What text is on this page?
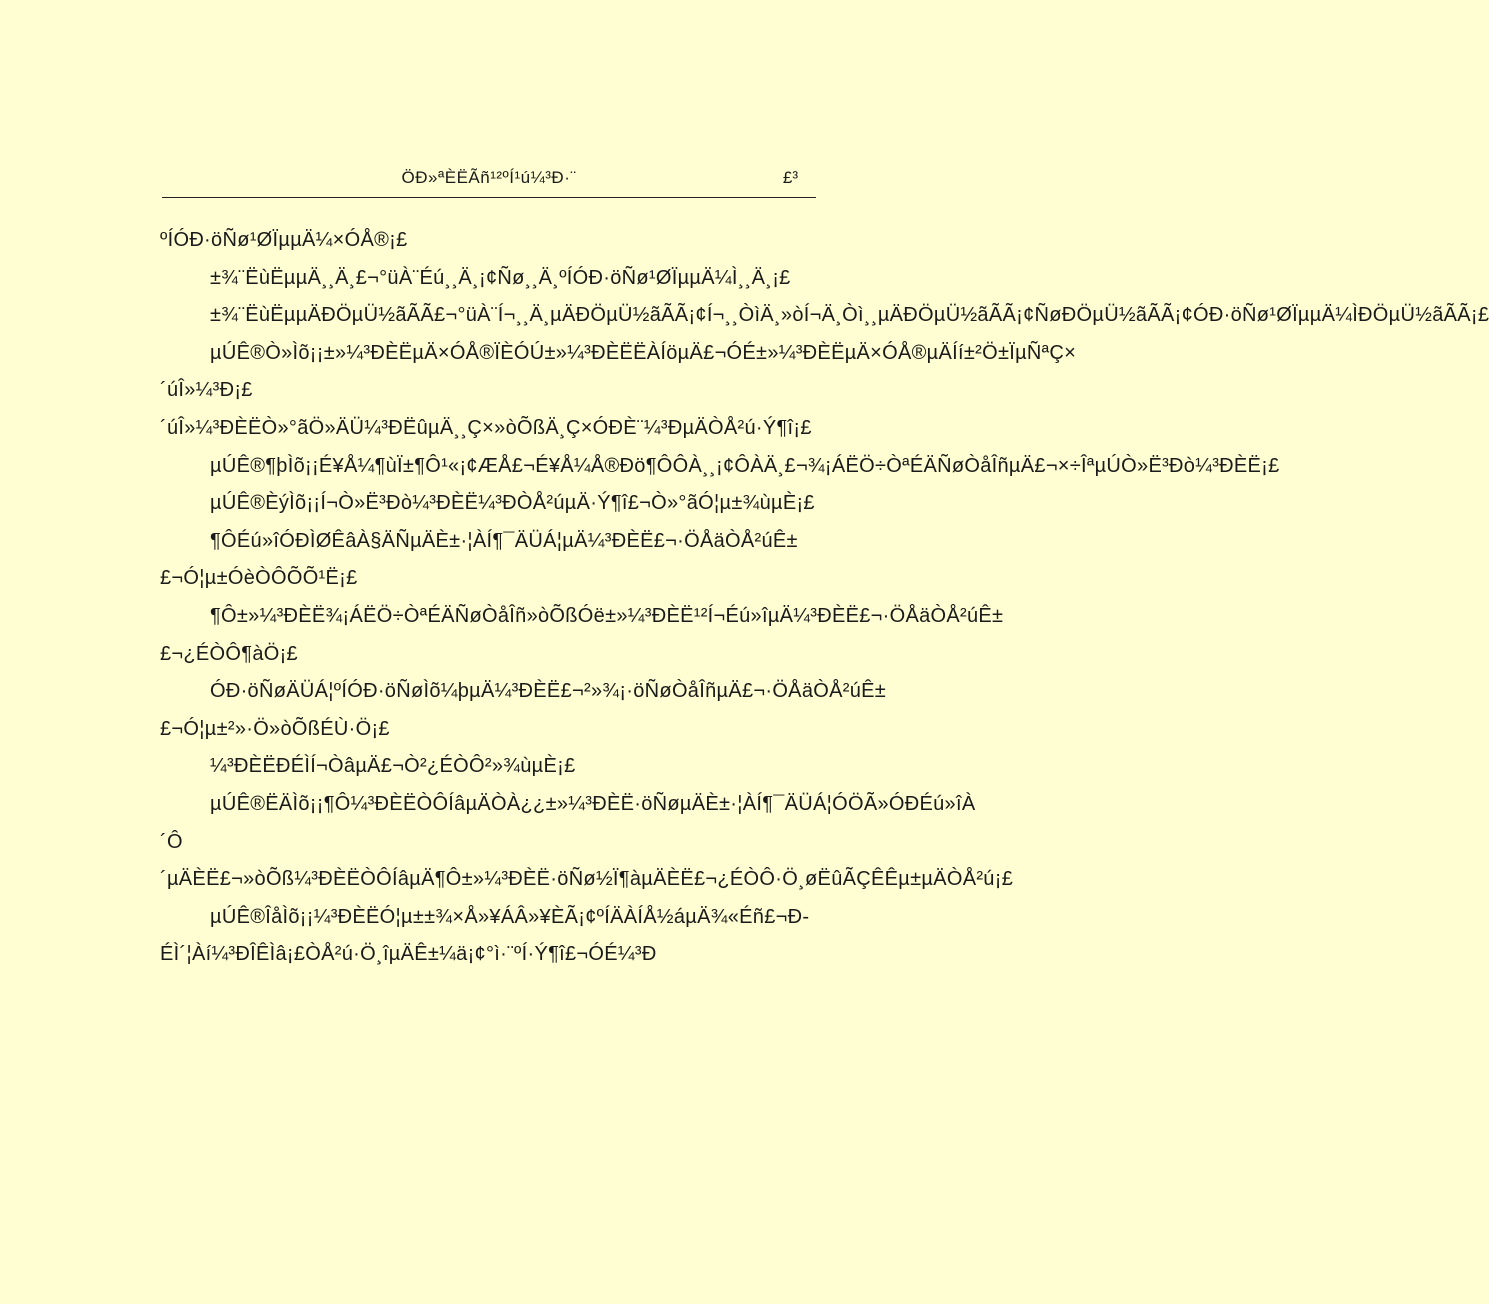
ÖÐ»ªÈËÃñ¹²ºÍ¹ú¼³Ð·¨	£³

ºÍÓÐ·öÑø¹ØÏµµÄ¼×ÓÅ®¡£

±¾¨ËùËµµÄ¸¸Ä¸£¬°üÀ¨Éú¸¸Ä¸¡¢Ñø¸¸Ä¸ºÍÓÐ·öÑø¹ØÏµµÄ¼Ì¸¸Ä¸¡£

±¾¨ËùËµµÄÐÖµÜ½ãÃÃ£¬°üÀ¨Í¬¸¸Ä¸µÄÐÖµÜ½ãÃÃ¡¢Í¬¸¸ÒìÄ¸»òÍ¬Ä¸Òì¸¸µÄÐÖµÜ½ãÃÃ¡¢ÑøÐÖµÜ½ãÃÃ¡¢ÓÐ·öÑø¹ØÏµµÄ¼ÌÐÖµÜ½ãÃÃ¡£

µÚÊ®Ò»Ìõ¡¡±»¼³ÐÈËµÄ×ÓÅ®ÏÈÓÚ±»¼³ÐÈËËÀÍöµÄ£¬ÓÉ±»¼³ÐÈËµÄ×ÓÅ®µÄÍí±²Ö±ÏµÑªÇ×´úÎ»¼³Ð¡£´úÎ»¼³ÐÈËÒ»°ãÖ»ÄÜ¼³ÐËûµÄ¸¸Ç×»òÕßÄ¸Ç×ÓÐÈ¨¼³ÐµÄÒÅ²ú·Ý¶î¡£

µÚÊ®¶þÌõ¡¡É¥Å¼¶ùÏ±¶Ô¹«¡¢ÆÅ£¬É¥Å¼Å®Ðö¶ÔÔÀ¸¸¡¢ÔÀÄ¸£¬¾¡ÁËÖ÷ÒªÉÄÑøÒåÎñµÄ£¬×÷ÎªµÚÒ»Ë³Ðò¼³ÐÈË¡£

µÚÊ®ÈýÌõ¡¡Í¬Ò»Ë³Ðò¼³ÐÈË¼³ÐÒÅ²úµÄ·Ý¶î£¬Ò»°ãÓ¦µ±¾ùµÈ¡£

¶ÔÉú»îÓÐÌØÊâÀ§ÄÑµÄÈ±·¦ÀÍ¶¯ÄÜÁ¦µÄ¼³ÐÈË£¬·ÖÅäÒÅ²úÊ±£¬Ó¦µ±ÓèÒÔÕÕ¹Ë¡£

¶Ô±»¼³ÐÈË¾¡ÁËÖ÷ÒªÉÄÑøÒåÎñ»òÕßÓë±»¼³ÐÈË¹²Í¬Éú»îµÄ¼³ÐÈË£¬·ÖÅäÒÅ²úÊ±£¬¿ÉÒÔ¶àÖ¡£

ÓÐ·öÑøÄÜÁ¦ºÍÓÐ·öÑøÌõ¼þµÄ¼³ÐÈË£¬²»¾¡·öÑøÒåÎñµÄ£¬·ÖÅäÒÅ²úÊ±£¬Ó¦µ±²»·Ö»òÕßÉÙ·Ö¡£

¼³ÐÈËÐÉÌÍ¬ÒâµÄ£¬Ò²¿ÉÒÔ²»¾ùµÈ¡£

µÚÊ®ËÄÌõ¡¡¶Ô¼³ÐÈËÒÔÍâµÄÒÀ¿¿±»¼³ÐÈË·öÑøµÄÈ±·¦ÀÍ¶¯ÄÜÁ¦ÓÖÃ»ÓÐÉú»îÀ´Ô´µÄÈË£¬»òÕß¼³ÐÈËÒÔÍâµÄ¶Ô±»¼³ÐÈË·öÑø½Ï¶àµÄÈË£¬¿ÉÒÔ·Ö¸øËûÃÇÊÊµ±µÄÒÅ²ú¡£

µÚÊ®ÎåÌõ¡¡¼³ÐÈËÓ¦µ±±¾×Å»¥ÁÂ»¥ÈÃ¡¢ºÍÄÀÍÅ½áµÄ¾«Éñ£¬ÐÉÌ´¦Àí¼³ÐÎÊÌâ¡£ÒÅ²ú·Ö¸îµÄÊ±¼ä¡¢°ì·¨ºÍ·Ý¶î£¬ÓÉ¼³Ð
